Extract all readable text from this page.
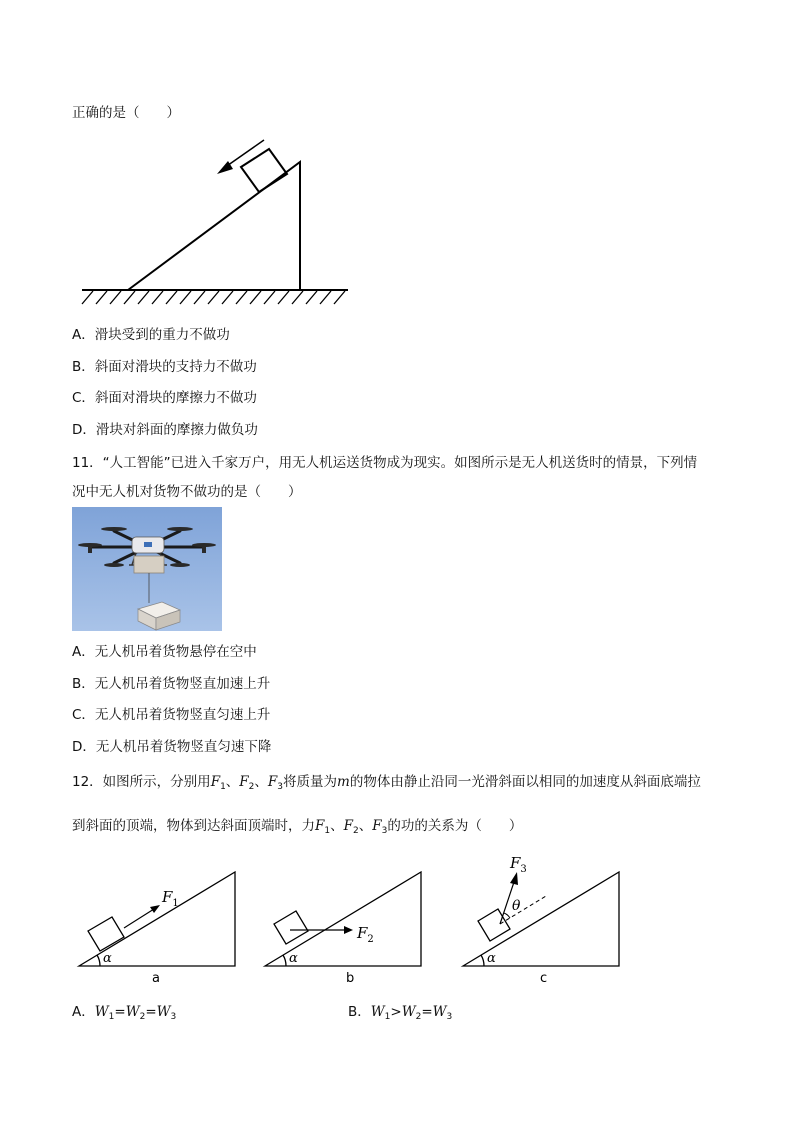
正确的是（　　）
A．滑块受到的重力不做功
B．斜面对滑块的支持力不做功
C．斜面对滑块的摩擦力不做功
D．滑块对斜面的摩擦力做负功
11．“人工智能”已进入千家万户，用无人机运送货物成为现实。如图所示是无人机送货时的情景，下列情
况中无人机对货物不做功的是（　　）
A．无人机吊着货物悬停在空中
B．无人机吊着货物竖直加速上升
C．无人机吊着货物竖直匀速上升
D．无人机吊着货物竖直匀速下降
12．如图所示，分别用$F_1$、$F_2$、$F_3$将质量为m的物体由静止沿同一光滑斜面以相同的加速度从斜面底端拉
到斜面的顶端，物体到达斜面顶端时，力$F_1$、$F_2$、$F_3$的功的关系为（　　）
$F_1$
α
a
$F_2$
α
b
$F_3$
θ
α
c
A．$W_1=W_2=W_3$	B．$W_1>W_2=W_3$
